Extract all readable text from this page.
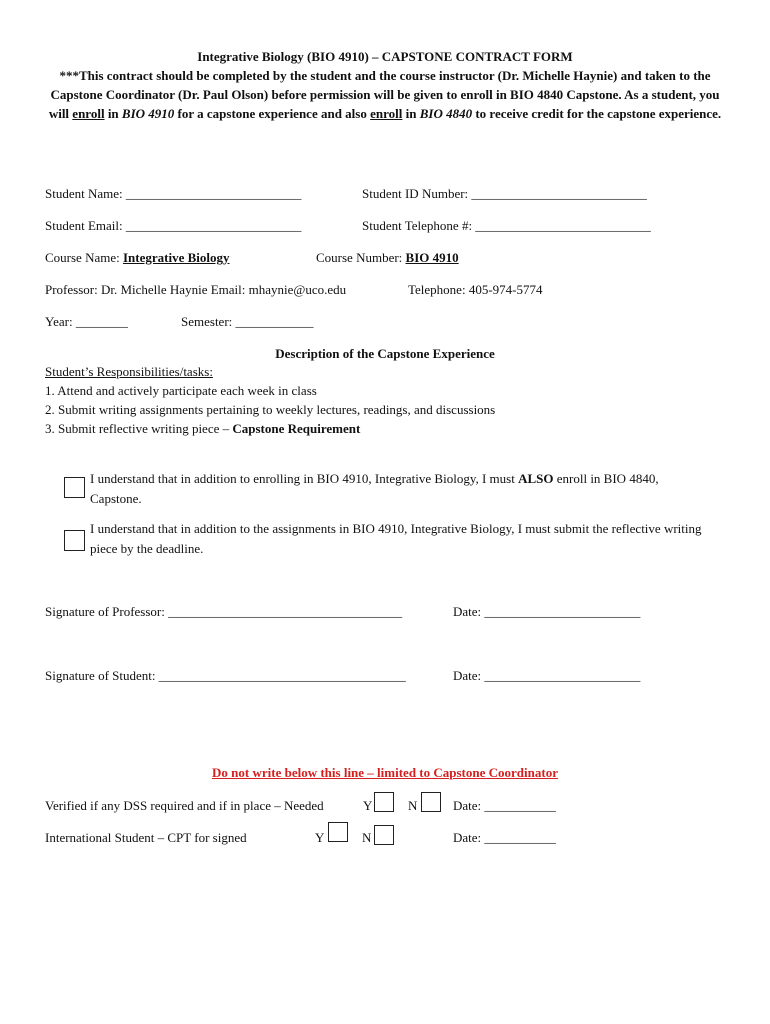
Integrative Biology (BIO 4910) – CAPSTONE CONTRACT FORM

***This contract should be completed by the student and the course instructor (Dr. Michelle Haynie) and taken to the Capstone Coordinator (Dr. Paul Olson) before permission will be given to enroll in BIO 4840 Capstone. As a student, you will enroll in BIO 4910 for a capstone experience and also enroll in BIO 4840 to receive credit for the capstone experience.

Student Name: ___________________________	Student ID Number: ___________________________
Student Email: ___________________________	Student Telephone #: ___________________________
Course Name: Integrative Biology	Course Number: BIO 4910
Professor: Dr. Michelle Haynie Email: mhaynie@uco.edu	Telephone: 405-974-5774
Year: ________	Semester: ____________
Description of the Capstone Experience
Student’s Responsibilities/tasks:
1. Attend and actively participate each week in class
2. Submit writing assignments pertaining to weekly lectures, readings, and discussions
3. Submit reflective writing piece – Capstone Requirement
I understand that in addition to enrolling in BIO 4910, Integrative Biology, I must ALSO enroll in BIO 4840, Capstone.
I understand that in addition to the assignments in BIO 4910, Integrative Biology, I must submit the reflective writing piece by the deadline.
Signature of Professor: ____________________________________	Date: ________________________
Signature of Student: ______________________________________	Date: ________________________
Do not write below this line – limited to Capstone Coordinator
Verified if any DSS required and if in place – Needed	Y	N	Date: ___________
International Student – CPT for signed	Y	N	Date: ___________
